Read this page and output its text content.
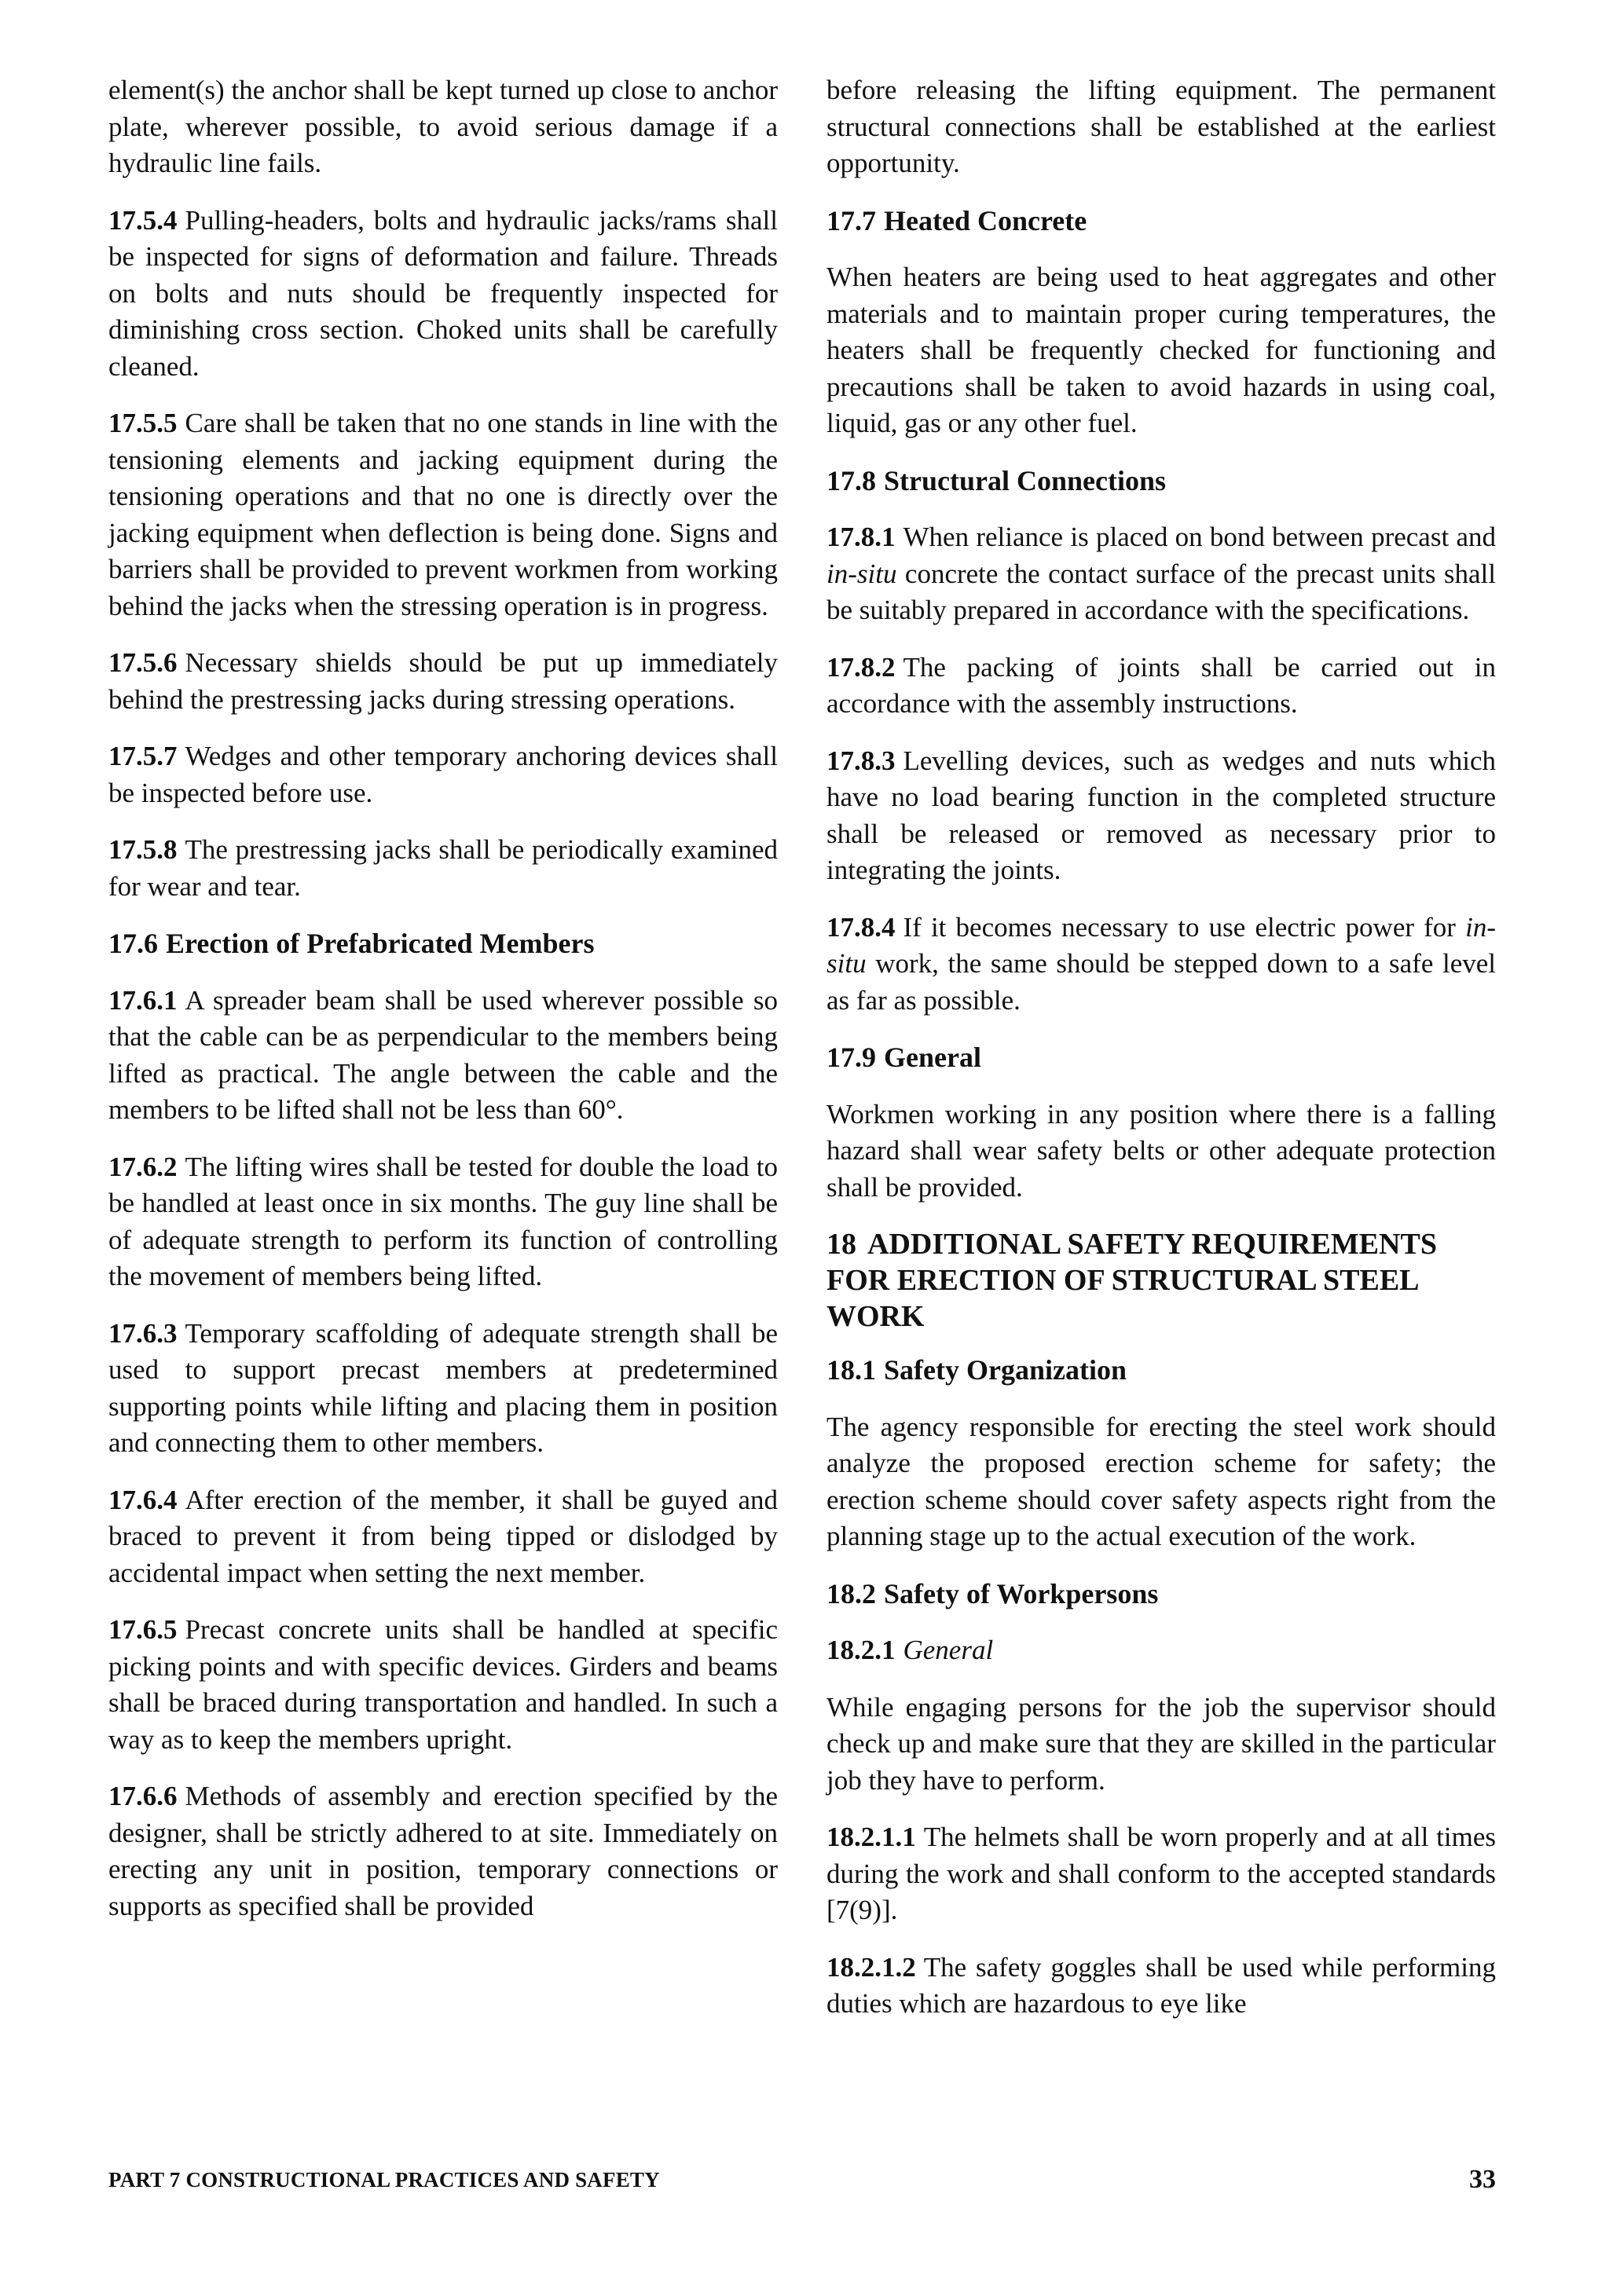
element(s) the anchor shall be kept turned up close to anchor plate, wherever possible, to avoid serious damage if a hydraulic line fails.

17.5.4 Pulling-headers, bolts and hydraulic jacks/rams shall be inspected for signs of deformation and failure. Threads on bolts and nuts should be frequently inspected for diminishing cross section. Choked units shall be carefully cleaned.

17.5.5 Care shall be taken that no one stands in line with the tensioning elements and jacking equipment during the tensioning operations and that no one is directly over the jacking equipment when deflection is being done. Signs and barriers shall be provided to prevent workmen from working behind the jacks when the stressing operation is in progress.

17.5.6 Necessary shields should be put up immediately behind the prestressing jacks during stressing operations.

17.5.7 Wedges and other temporary anchoring devices shall be inspected before use.

17.5.8 The prestressing jacks shall be periodically examined for wear and tear.

17.6 Erection of Prefabricated Members

17.6.1 A spreader beam shall be used wherever possible so that the cable can be as perpendicular to the members being lifted as practical. The angle between the cable and the members to be lifted shall not be less than 60°.

17.6.2 The lifting wires shall be tested for double the load to be handled at least once in six months. The guy line shall be of adequate strength to perform its function of controlling the movement of members being lifted.

17.6.3 Temporary scaffolding of adequate strength shall be used to support precast members at predetermined supporting points while lifting and placing them in position and connecting them to other members.

17.6.4 After erection of the member, it shall be guyed and braced to prevent it from being tipped or dislodged by accidental impact when setting the next member.

17.6.5 Precast concrete units shall be handled at specific picking points and with specific devices. Girders and beams shall be braced during transportation and handled. In such a way as to keep the members upright.

17.6.6 Methods of assembly and erection specified by the designer, shall be strictly adhered to at site. Immediately on erecting any unit in position, temporary connections or supports as specified shall be provided

before releasing the lifting equipment. The permanent structural connections shall be established at the earliest opportunity.

17.7 Heated Concrete

When heaters are being used to heat aggregates and other materials and to maintain proper curing temperatures, the heaters shall be frequently checked for functioning and precautions shall be taken to avoid hazards in using coal, liquid, gas or any other fuel.

17.8 Structural Connections

17.8.1 When reliance is placed on bond between precast and in-situ concrete the contact surface of the precast units shall be suitably prepared in accordance with the specifications.

17.8.2 The packing of joints shall be carried out in accordance with the assembly instructions.

17.8.3 Levelling devices, such as wedges and nuts which have no load bearing function in the completed structure shall be released or removed as necessary prior to integrating the joints.

17.8.4 If it becomes necessary to use electric power for in-situ work, the same should be stepped down to a safe level as far as possible.

17.9 General

Workmen working in any position where there is a falling hazard shall wear safety belts or other adequate protection shall be provided.

18 ADDITIONAL SAFETY REQUIREMENTS FOR ERECTION OF STRUCTURAL STEEL WORK
18.1 Safety Organization

The agency responsible for erecting the steel work should analyze the proposed erection scheme for safety; the erection scheme should cover safety aspects right from the planning stage up to the actual execution of the work.

18.2 Safety of Workpersons
18.2.1 General

While engaging persons for the job the supervisor should check up and make sure that they are skilled in the particular job they have to perform.

18.2.1.1 The helmets shall be worn properly and at all times during the work and shall conform to the accepted standards [7(9)].

18.2.1.2 The safety goggles shall be used while performing duties which are hazardous to eye like

PART 7 CONSTRUCTIONAL PRACTICES AND SAFETY	33
